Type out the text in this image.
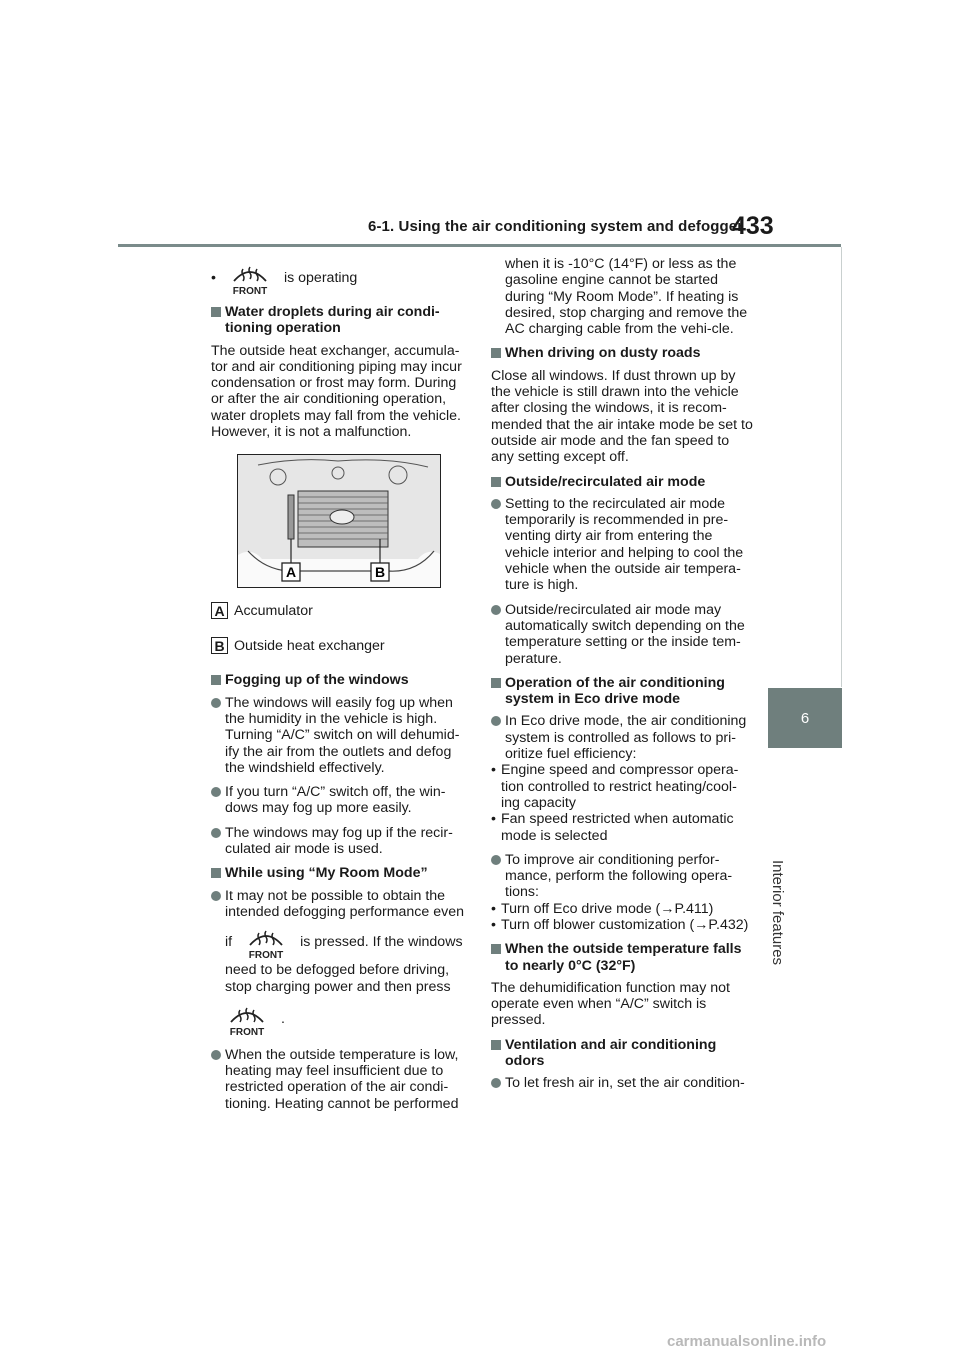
6-1. Using the air conditioning system and defogger
433
6
Interior features
•
FRONT
is operating
Water droplets during air condi-tioning operation
The outside heat exchanger, accumula-tor and air conditioning piping may incur condensation or frost may form. During or after the air conditioning operation, water droplets may fall from the vehicle. However, it is not a malfunction.
A	B
A Accumulator
B Outside heat exchanger
Fogging up of the windows
The windows will easily fog up when the humidity in the vehicle is high. Turning “A/C” switch on will dehumid-ify the air from the outlets and defog the windshield effectively.
If you turn “A/C” switch off, the win-dows may fog up more easily.
The windows may fog up if the recir-culated air mode is used.
While using “My Room Mode”
It may not be possible to obtain the intended defogging performance even
if
FRONT
is pressed. If the windows
need to be defogged before driving, stop charging power and then press
FRONT
.
When the outside temperature is low, heating may feel insufficient due to restricted operation of the air condi-tioning. Heating cannot be performed
when it is -10°C (14°F) or less as the gasoline engine cannot be started during “My Room Mode”. If heating is desired, stop charging and remove the AC charging cable from the vehi-cle.
When driving on dusty roads
Close all windows. If dust thrown up by the vehicle is still drawn into the vehicle after closing the windows, it is recom-mended that the air intake mode be set to outside air mode and the fan speed to any setting except off.
Outside/recirculated air mode
Setting to the recirculated air mode temporarily is recommended in pre-venting dirty air from entering the vehicle interior and helping to cool the vehicle when the outside air tempera-ture is high.
Outside/recirculated air mode may automatically switch depending on the temperature setting or the inside tem-perature.
Operation of the air conditioning system in Eco drive mode
In Eco drive mode, the air conditioning system is controlled as follows to pri-oritize fuel efficiency:
• Engine speed and compressor opera-tion controlled to restrict heating/cool-ing capacity
• Fan speed restricted when automatic mode is selected
To improve air conditioning perfor-mance, perform the following opera-tions:
• Turn off Eco drive mode (→P.411)
• Turn off blower customization (→P.432)
When the outside temperature falls to nearly 0°C (32°F)
The dehumidification function may not operate even when “A/C” switch is pressed.
Ventilation and air conditioning odors
To let fresh air in, set the air condition-
carmanualsonline.info
